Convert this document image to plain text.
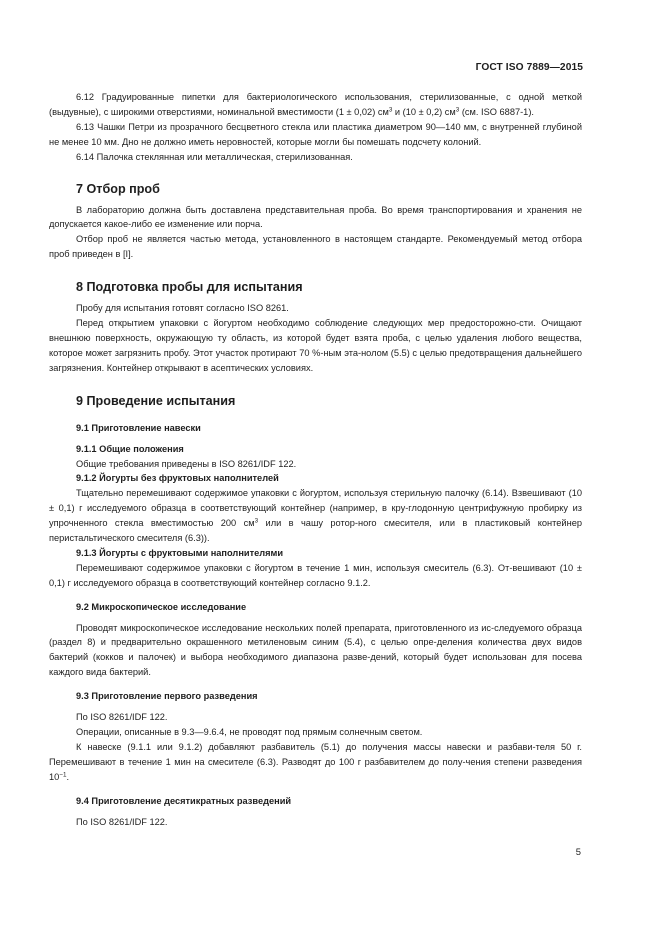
ГОСТ ISO 7889—2015

6.12 Градуированные пипетки для бактериологического использования, стерилизованные, с одной меткой (выдувные), с широкими отверстиями, номинальной вместимости (1 ± 0,02) $см^3$ и (10 ± 0,2) $см^3$ (см. ISO 6887-1).

6.13 Чашки Петри из прозрачного бесцветного стекла или пластика диаметром 90—140 мм, с внутренней глубиной не менее 10 мм. Дно не должно иметь неровностей, которые могли бы помешать подсчету колоний.

6.14 Палочка стеклянная или металлическая, стерилизованная.

7 Отбор проб

В лабораторию должна быть доставлена представительная проба. Во время транспортирования и хранения не допускается какое-либо ее изменение или порча.

Отбор проб не является частью метода, установленного в настоящем стандарте. Рекомендуемый метод отбора проб приведен в [I].

8 Подготовка пробы для испытания

Пробу для испытания готовят согласно ISO 8261.

Перед открытием упаковки с йогуртом необходимо соблюдение следующих мер предосторожно-сти. Очищают внешнюю поверхность, окружающую ту область, из которой будет взята проба, с целью удаления любого вещества, которое может загрязнить пробу. Этот участок протирают 70 %-ным эта-нолом (5.5) с целью предотвращения дальнейшего загрязнения. Контейнер открывают в асептических условиях.

9 Проведение испытания

9.1 Приготовление навески

9.1.1 Общие положения

Общие требования приведены в ISO 8261/IDF 122.

9.1.2 Йогурты без фруктовых наполнителей

Тщательно перемешивают содержимое упаковки с йогуртом, используя стерильную палочку (6.14). Взвешивают (10 ± 0,1) г исследуемого образца в соответствующий контейнер (например, в кру-глодонную центрифужную пробирку из упрочненного стекла вместимостью 200 $см^3$ или в чашу ротор-ного смесителя, или в пластиковый контейнер перистальтического смесителя (6.3)).

9.1.3 Йогурты с фруктовыми наполнителями

Перемешивают содержимое упаковки с йогуртом в течение 1 мин, используя смеситель (6.3). От-вешивают (10 ± 0,1) г исследуемого образца в соответствующий контейнер согласно 9.1.2.

9.2 Микроскопическое исследование

Проводят микроскопическое исследование нескольких полей препарата, приготовленного из ис-следуемого образца (раздел 8) и предварительно окрашенного метиленовым синим (5.4), с целью опре-деления количества двух видов бактерий (кокков и палочек) и выбора необходимого диапазона разве-дений, который будет использован для посева каждого вида бактерий.

9.3 Приготовление первого разведения

По ISO 8261/IDF 122.

Операции, описанные в 9.3—9.6.4, не проводят под прямым солнечным светом.

К навеске (9.1.1 или 9.1.2) добавляют разбавитель (5.1) до получения массы навески и разбави-теля 50 г. Перемешивают в течение 1 мин на смесителе (6.3). Разводят до 100 г разбавителем до полу-чения степени разведения $10^{-1}$.

9.4 Приготовление десятикратных разведений

По ISO 8261/IDF 122.

5
